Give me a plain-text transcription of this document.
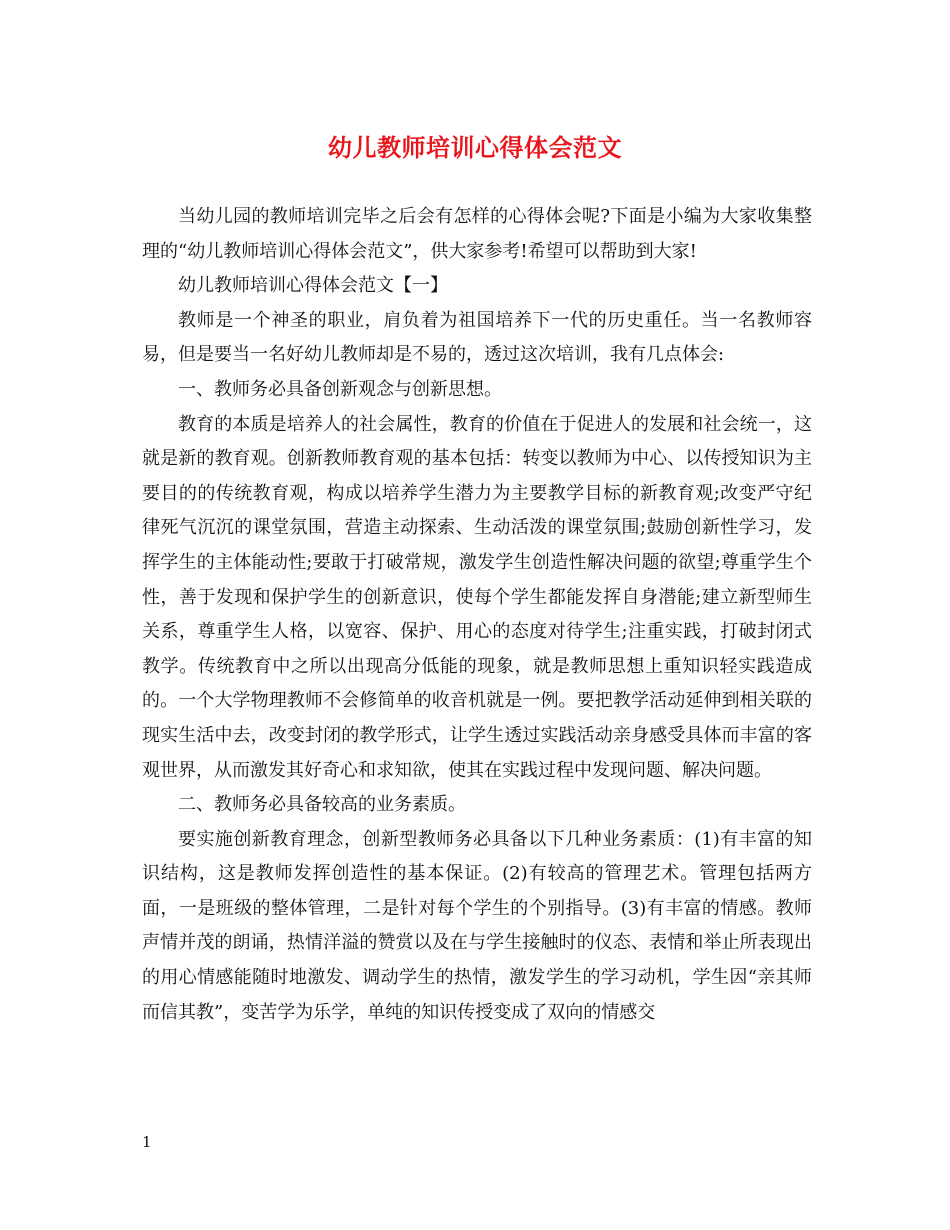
幼儿教师培训心得体会范文

当幼儿园的教师培训完毕之后会有怎样的心得体会呢?下面是小编为大家收集整理的“幼儿教师培训心得体会范文”，供大家参考!希望可以帮助到大家!

幼儿教师培训心得体会范文【一】

教师是一个神圣的职业，肩负着为祖国培养下一代的历史重任。当一名教师容易，但是要当一名好幼儿教师却是不易的，透过这次培训，我有几点体会:

一、教师务必具备创新观念与创新思想。

教育的本质是培养人的社会属性，教育的价值在于促进人的发展和社会统一，这就是新的教育观。创新教师教育观的基本包括：转变以教师为中心、以传授知识为主要目的的传统教育观，构成以培养学生潜力为主要教学目标的新教育观;改变严守纪律死气沉沉的课堂氛围，营造主动探索、生动活泼的课堂氛围;鼓励创新性学习，发挥学生的主体能动性;要敢于打破常规，激发学生创造性解决问题的欲望;尊重学生个性，善于发现和保护学生的创新意识，使每个学生都能发挥自身潜能;建立新型师生关系，尊重学生人格，以宽容、保护、用心的态度对待学生;注重实践，打破封闭式教学。传统教育中之所以出现高分低能的现象，就是教师思想上重知识轻实践造成的。一个大学物理教师不会修简单的收音机就是一例。要把教学活动延伸到相关联的现实生活中去，改变封闭的教学形式，让学生透过实践活动亲身感受具体而丰富的客观世界，从而激发其好奇心和求知欲，使其在实践过程中发现问题、解决问题。

二、教师务必具备较高的业务素质。

要实施创新教育理念，创新型教师务必具备以下几种业务素质：(1)有丰富的知识结构，这是教师发挥创造性的基本保证。(2)有较高的管理艺术。管理包括两方面，一是班级的整体管理，二是针对每个学生的个别指导。(3)有丰富的情感。教师声情并茂的朗诵，热情洋溢的赞赏以及在与学生接触时的仪态、表情和举止所表现出的用心情感能随时地激发、调动学生的热情，激发学生的学习动机，学生因“亲其师而信其教”，变苦学为乐学，单纯的知识传授变成了双向的情感交

1
